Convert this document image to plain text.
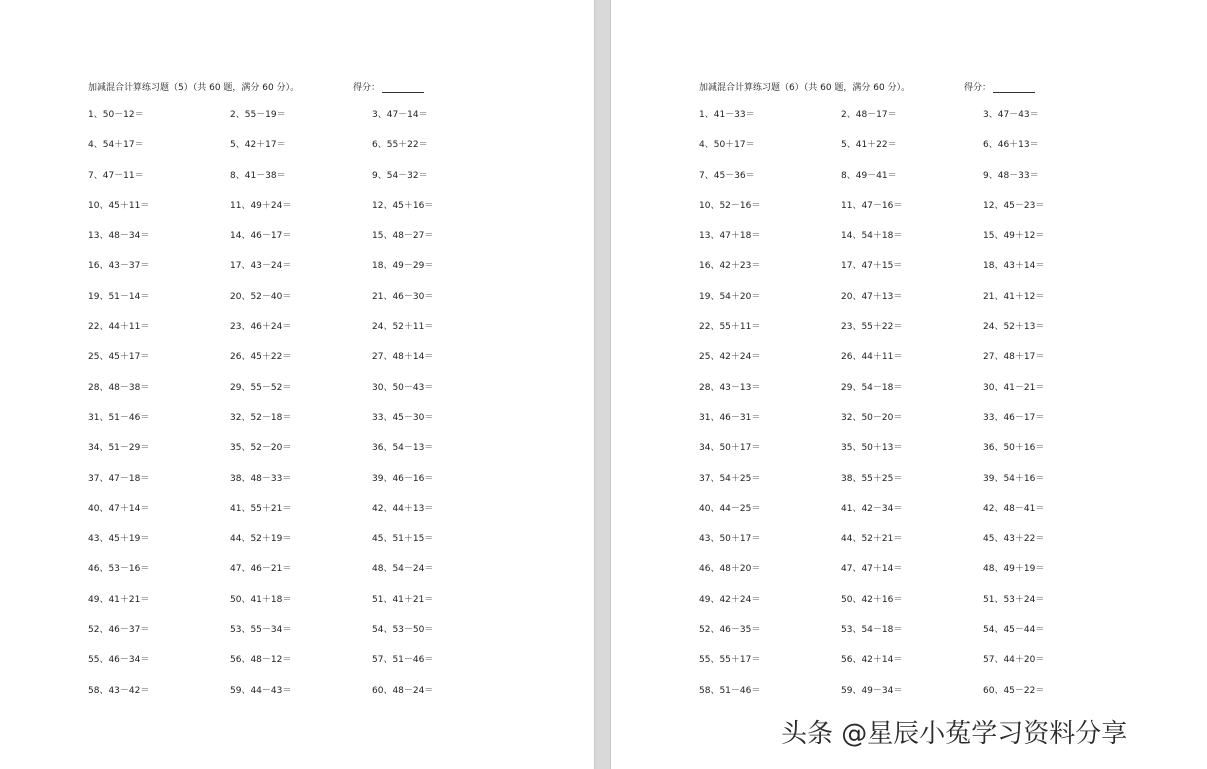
加减混合计算练习题（5）（共 60 题，满分 60 分）。	得分：
1、50－12＝	2、55－19＝	3、47－14＝
4、54＋17＝	5、42＋17＝	6、55＋22＝
7、47－11＝	8、41－38＝	9、54－32＝
10、45＋11＝	11、49＋24＝	12、45＋16＝
13、48－34＝	14、46－17＝	15、48－27＝
16、43－37＝	17、43－24＝	18、49－29＝
19、51－14＝	20、52－40＝	21、46－30＝
22、44＋11＝	23、46＋24＝	24、52＋11＝
25、45＋17＝	26、45＋22＝	27、48＋14＝
28、48－38＝	29、55－52＝	30、50－43＝
31、51－46＝	32、52－18＝	33、45－30＝
34、51－29＝	35、52－20＝	36、54－13＝
37、47－18＝	38、48－33＝	39、46－16＝
40、47＋14＝	41、55＋21＝	42、44＋13＝
43、45＋19＝	44、52＋19＝	45、51＋15＝
46、53－16＝	47、46－21＝	48、54－24＝
49、41＋21＝	50、41＋18＝	51、41＋21＝
52、46－37＝	53、55－34＝	54、53－50＝
55、46－34＝	56、48－12＝	57、51－46＝
58、43－42＝	59、44－43＝	60、48－24＝
加减混合计算练习题（6）（共 60 题，满分 60 分）。	得分：
1、41－33＝	2、48－17＝	3、47－43＝
4、50＋17＝	5、41＋22＝	6、46＋13＝
7、45－36＝	8、49－41＝	9、48－33＝
10、52－16＝	11、47－16＝	12、45－23＝
13、47＋18＝	14、54＋18＝	15、49＋12＝
16、42＋23＝	17、47＋15＝	18、43＋14＝
19、54＋20＝	20、47＋13＝	21、41＋12＝
22、55＋11＝	23、55＋22＝	24、52＋13＝
25、42＋24＝	26、44＋11＝	27、48＋17＝
28、43－13＝	29、54－18＝	30、41－21＝
31、46－31＝	32、50－20＝	33、46－17＝
34、50＋17＝	35、50＋13＝	36、50＋16＝
37、54＋25＝	38、55＋25＝	39、54＋16＝
40、44－25＝	41、42－34＝	42、48－41＝
43、50＋17＝	44、52＋21＝	45、43＋22＝
46、48＋20＝	47、47＋14＝	48、49＋19＝
49、42＋24＝	50、42＋16＝	51、53＋24＝
52、46－35＝	53、54－18＝	54、45－44＝
55、55＋17＝	56、42＋14＝	57、44＋20＝
58、51－46＝	59、49－34＝	60、45－22＝
头条 @星辰小菟学习资料分享
